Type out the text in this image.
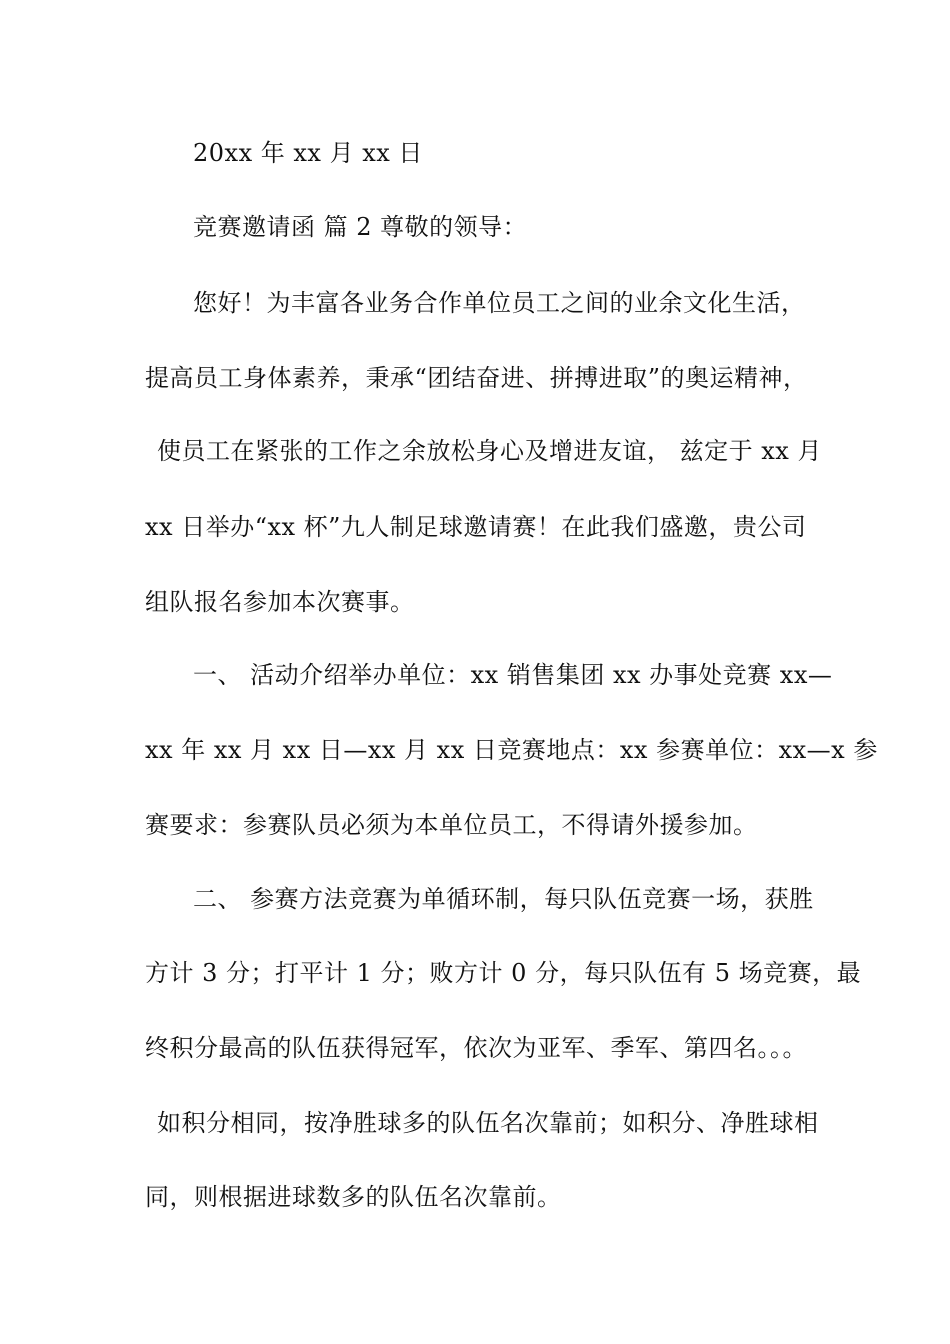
20xx 年 xx 月 xx 日
竞赛邀请函 篇 2 尊敬的领导：
您好！为丰富各业务合作单位员工之间的业余文化生活，
提高员工身体素养，秉承“团结奋进、拼搏进取”的奥运精神，
使员工在紧张的工作之余放松身心及增进友谊， 兹定于 xx 月
xx 日举办“xx 杯”九人制足球邀请赛！在此我们盛邀，贵公司
组队报名参加本次赛事。
一、 活动介绍举办单位：xx 销售集团 xx 办事处竞赛 xx—
xx 年 xx 月 xx 日—xx 月 xx 日竞赛地点：xx 参赛单位：xx—x 参
赛要求：参赛队员必须为本单位员工，不得请外援参加。
二、 参赛方法竞赛为单循环制，每只队伍竞赛一场，获胜
方计 3 分；打平计 1 分；败方计 0 分，每只队伍有 5 场竞赛，最
终积分最高的队伍获得冠军，依次为亚军、季军、第四名。。。
如积分相同，按净胜球多的队伍名次靠前；如积分、净胜球相
同，则根据进球数多的队伍名次靠前。
